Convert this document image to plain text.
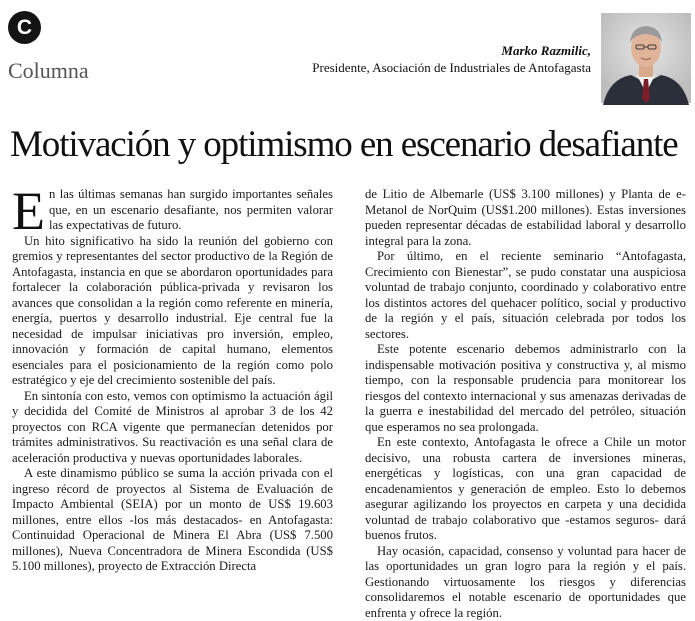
C
Columna
Marko Razmilic,
Presidente, Asociación de Industriales de Antofagasta
Motivación y optimismo en escenario desafiante

En las últimas semanas han surgido importantes señales que, en un escenario desafiante, nos permiten valorar las expectativas de futuro.

Un hito significativo ha sido la reunión del gobierno con gremios y representantes del sector productivo de la Región de Antofagasta, instancia en que se abordaron oportunidades para fortalecer la colaboración pública-privada y revisaron los avances que consolidan a la región como referente en minería, energía, puertos y desarrollo industrial. Eje central fue la necesidad de impulsar iniciativas pro inversión, empleo, innovación y formación de capital humano, elementos esenciales para el posicionamiento de la región como polo estratégico y eje del crecimiento sostenible del país.

En sintonía con esto, vemos con optimismo la actuación ágil y decidida del Comité de Ministros al aprobar 3 de los 42 proyectos con RCA vigente que permanecían detenidos por trámites administrativos. Su reactivación es una señal clara de aceleración productiva y nuevas oportunidades laborales.

A este dinamismo público se suma la acción privada con el ingreso récord de proyectos al Sistema de Evaluación de Impacto Ambiental (SEIA) por un monto de US$ 19.603 millones, entre ellos -los más destacados- en Antofagasta: Continuidad Operacional de Minera El Abra (US$ 7.500 millones), Nueva Concentradora de Minera Escondida (US$ 5.100 millones), proyecto de Extracción Directa

de Litio de Albemarle (US$ 3.100 millones) y Planta de e-Metanol de NorQuim (US$1.200 millones). Estas inversiones pueden representar décadas de estabilidad laboral y desarrollo integral para la zona.

Por último, en el reciente seminario “Antofagasta, Crecimiento con Bienestar”, se pudo constatar una auspiciosa voluntad de trabajo conjunto, coordinado y colaborativo entre los distintos actores del quehacer político, social y productivo de la región y el país, situación celebrada por todos los sectores.

Este potente escenario debemos administrarlo con la indispensable motivación positiva y constructiva y, al mismo tiempo, con la responsable prudencia para monitorear los riesgos del contexto internacional y sus amenazas derivadas de la guerra e inestabilidad del mercado del petróleo, situación que esperamos no sea prolongada.

En este contexto, Antofagasta le ofrece a Chile un motor decisivo, una robusta cartera de inversiones mineras, energéticas y logísticas, con una gran capacidad de encadenamientos y generación de empleo. Esto lo debemos asegurar agilizando los proyectos en carpeta y una decidida voluntad de trabajo colaborativo que -estamos seguros- dará buenos frutos.

Hay ocasión, capacidad, consenso y voluntad para hacer de las oportunidades un gran logro para la región y el país. Gestionando virtuosamente los riesgos y diferencias consolidaremos el notable escenario de oportunidades que enfrenta y ofrece la región.
